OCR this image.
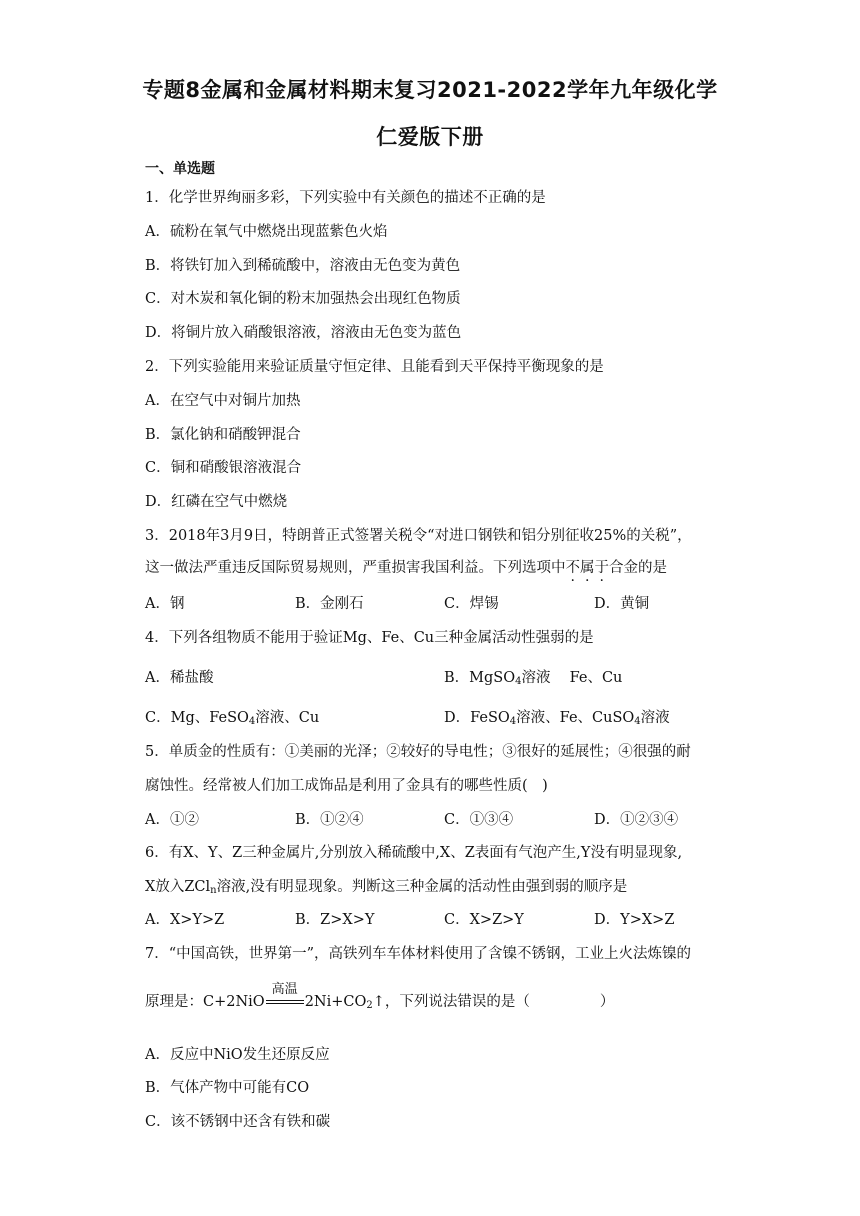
专题8金属和金属材料期末复习2021-2022学年九年级化学
仁爱版下册
一、单选题
1．化学世界绚丽多彩，下列实验中有关颜色的描述不正确的是
A．硫粉在氧气中燃烧出现蓝紫色火焰
B．将铁钉加入到稀硫酸中，溶液由无色变为黄色
C．对木炭和氧化铜的粉末加强热会出现红色物质
D．将铜片放入硝酸银溶液，溶液由无色变为蓝色
2．下列实验能用来验证质量守恒定律、且能看到天平保持平衡现象的是
A．在空气中对铜片加热
B．氯化钠和硝酸钾混合
C．铜和硝酸银溶液混合
D．红磷在空气中燃烧
3．2018年3月9日，特朗普正式签署关税令“对进口钢铁和铝分别征收25%的关税”，
这一做法严重违反国际贸易规则，严重损害我国利益。下列选项中不属于合金的是
A．钢	B．金刚石	C．焊锡	D．黄铜
4．下列各组物质不能用于验证Mg、Fe、Cu三种金属活动性强弱的是
A．稀盐酸	B．MgSO$_4$溶液　 Fe、Cu
C．Mg、FeSO$_4$溶液、Cu	D．FeSO$_4$溶液、Fe、CuSO$_4$溶液
5．单质金的性质有：①美丽的光泽；②较好的导电性；③很好的延展性；④很强的耐
腐蚀性。经常被人们加工成饰品是利用了金具有的哪些性质(　)
A．①②	B．①②④	C．①③④	D．①②③④
6．有X、Y、Z三种金属片,分别放入稀硫酸中,X、Z表面有气泡产生,Y没有明显现象,
X放入ZCl$_n$溶液,没有明显现象。判断这三种金属的活动性由强到弱的顺序是
A．X>Y>Z	B．Z>X>Y	C．X>Z>Y	D．Y>X>Z
7．“中国高铁，世界第一”，高铁列车车体材料使用了含镍不锈钢，工业上火法炼镍的
原理是：C+2NiO
高温
$2Ni+CO_2↑$，下列说法错误的是（	）
A．反应中NiO发生还原反应
B．气体产物中可能有CO
C．该不锈钢中还含有铁和碳
